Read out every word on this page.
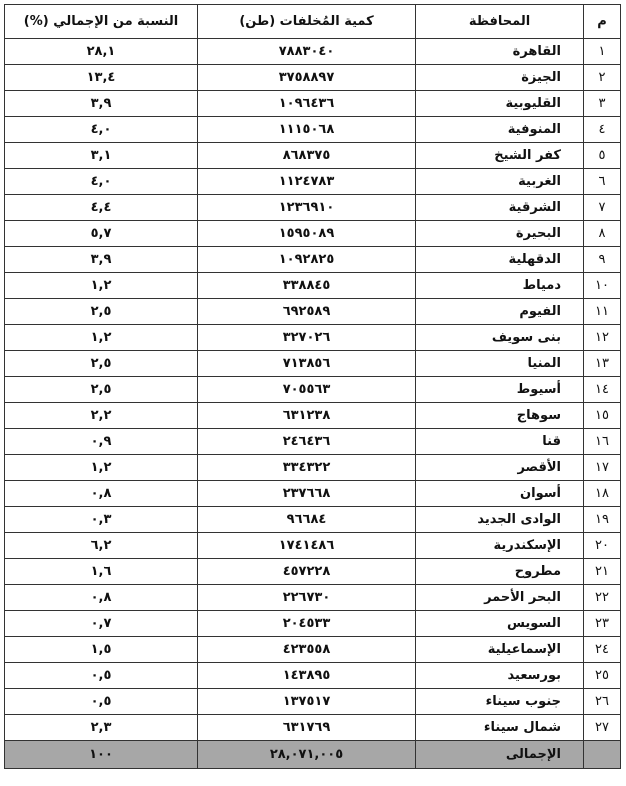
م	المحافظة	كمية المُخلفات (طن)	النسبة من الإجمالي (%)
١	القاهرة	٧٨٨٣٠٤٠	٢٨,١
٢	الجيزة	٣٧٥٨٨٩٧	١٣,٤
٣	القليوبية	١٠٩٦٤٣٦	٣,٩
٤	المنوفية	١١١٥٠٦٨	٤,٠
٥	كفر الشيخ	٨٦٨٣٧٥	٣,١
٦	الغربية	١١٢٤٧٨٣	٤,٠
٧	الشرقية	١٢٣٦٩١٠	٤,٤
٨	البحيرة	١٥٩٥٠٨٩	٥,٧
٩	الدقهلية	١٠٩٢٨٢٥	٣,٩
١٠	دمياط	٣٣٨٨٤٥	١,٢
١١	الفيوم	٦٩٢٥٨٩	٢,٥
١٢	بنى سويف	٣٢٧٠٢٦	١,٢
١٣	المنيا	٧١٣٨٥٦	٢,٥
١٤	أسيوط	٧٠٥٥٦٣	٢,٥
١٥	سوهاج	٦٣١٢٣٨	٢,٢
١٦	قنا	٢٤٦٤٣٦	٠,٩
١٧	الأقصر	٣٣٤٣٢٢	١,٢
١٨	أسوان	٢٣٧٦٦٨	٠,٨
١٩	الوادى الجديد	٩٦٦٨٤	٠,٣
٢٠	الإسكندرية	١٧٤١٤٨٦	٦,٢
٢١	مطروح	٤٥٧٢٢٨	١,٦
٢٢	البحر الأحمر	٢٢٦٧٣٠	٠,٨
٢٣	السويس	٢٠٤٥٣٣	٠,٧
٢٤	الإسماعيلية	٤٢٣٥٥٨	١,٥
٢٥	بورسعيد	١٤٣٨٩٥	٠,٥
٢٦	جنوب سيناء	١٣٧٥١٧	٠,٥
٢٧	شمال سيناء	٦٣١٧٦٩	٢,٣
	الإجمالى	٢٨,٠٧١,٠٠٥	١٠٠
